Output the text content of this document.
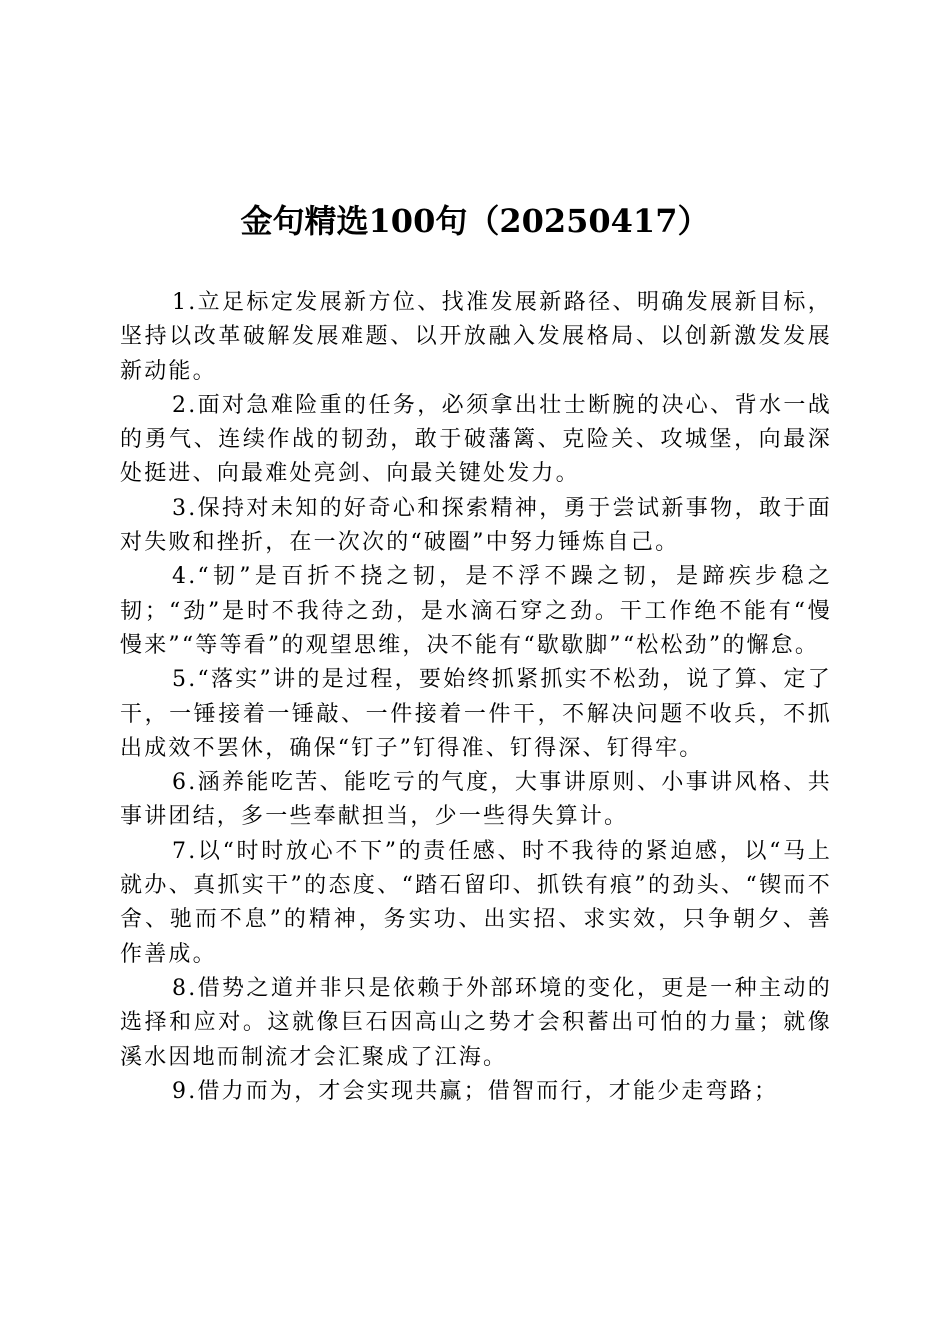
金句精选100句（20250417）

1.立足标定发展新方位、找准发展新路径、明确发展新目标，坚持以改革破解发展难题、以开放融入发展格局、以创新激发发展新动能。

2.面对急难险重的任务，必须拿出壮士断腕的决心、背水一战的勇气、连续作战的韧劲，敢于破藩篱、克险关、攻城堡，向最深处挺进、向最难处亮剑、向最关键处发力。

3.保持对未知的好奇心和探索精神，勇于尝试新事物，敢于面对失败和挫折，在一次次的“破圈”中努力锤炼自己。

4.“韧”是百折不挠之韧，是不浮不躁之韧，是蹄疾步稳之韧；“劲”是时不我待之劲，是水滴石穿之劲。干工作绝不能有“慢慢来”“等等看”的观望思维，决不能有“歇歇脚”“松松劲”的懈怠。

5.“落实”讲的是过程，要始终抓紧抓实不松劲，说了算、定了干，一锤接着一锤敲、一件接着一件干，不解决问题不收兵，不抓出成效不罢休，确保“钉子”钉得准、钉得深、钉得牢。

6.涵养能吃苦、能吃亏的气度，大事讲原则、小事讲风格、共事讲团结，多一些奉献担当，少一些得失算计。

7.以“时时放心不下”的责任感、时不我待的紧迫感，以“马上就办、真抓实干”的态度、“踏石留印、抓铁有痕”的劲头、“锲而不舍、驰而不息”的精神，务实功、出实招、求实效，只争朝夕、善作善成。

8.借势之道并非只是依赖于外部环境的变化，更是一种主动的选择和应对。这就像巨石因高山之势才会积蓄出可怕的力量；就像溪水因地而制流才会汇聚成了江海。

9.借力而为，才会实现共赢；借智而行，才能少走弯路；
